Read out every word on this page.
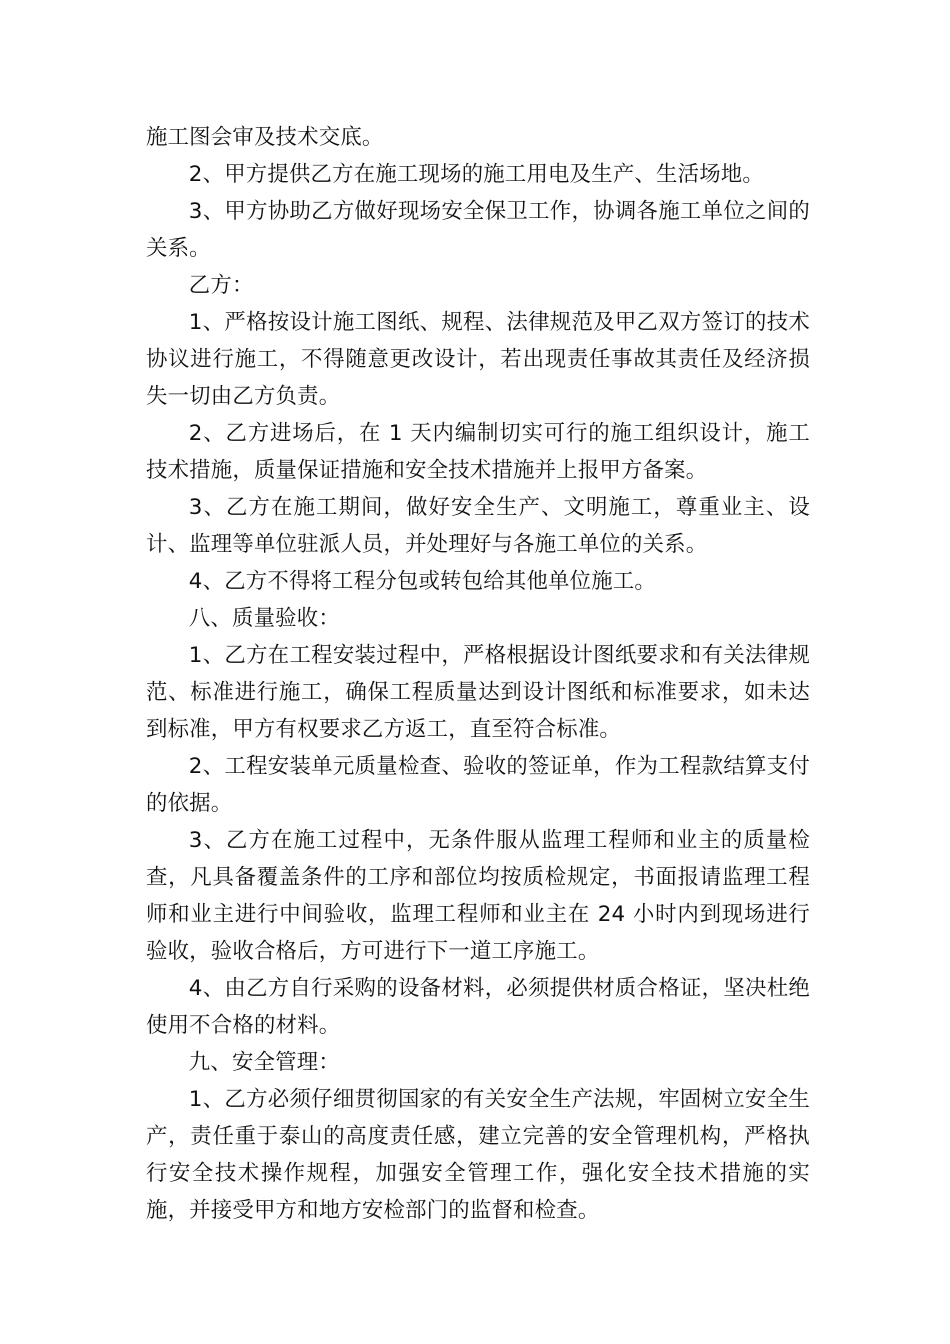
施工图会审及技术交底。

2、甲方提供乙方在施工现场的施工用电及生产、生活场地。

3、甲方协助乙方做好现场安全保卫工作，协调各施工单位之间的关系。

乙方：

1、严格按设计施工图纸、规程、法律规范及甲乙双方签订的技术协议进行施工，不得随意更改设计，若出现责任事故其责任及经济损失一切由乙方负责。

2、乙方进场后，在 1 天内编制切实可行的施工组织设计，施工技术措施，质量保证措施和安全技术措施并上报甲方备案。

3、乙方在施工期间，做好安全生产、文明施工，尊重业主、设计、监理等单位驻派人员，并处理好与各施工单位的关系。

4、乙方不得将工程分包或转包给其他单位施工。

八、质量验收：

1、乙方在工程安装过程中，严格根据设计图纸要求和有关法律规范、标准进行施工，确保工程质量达到设计图纸和标准要求，如未达到标准，甲方有权要求乙方返工，直至符合标准。

2、工程安装单元质量检查、验收的签证单，作为工程款结算支付的依据。

3、乙方在施工过程中，无条件服从监理工程师和业主的质量检查，凡具备覆盖条件的工序和部位均按质检规定，书面报请监理工程师和业主进行中间验收，监理工程师和业主在 24 小时内到现场进行验收，验收合格后，方可进行下一道工序施工。

4、由乙方自行采购的设备材料，必须提供材质合格证，坚决杜绝使用不合格的材料。

九、安全管理：

1、乙方必须仔细贯彻国家的有关安全生产法规，牢固树立安全生产，责任重于泰山的高度责任感，建立完善的安全管理机构，严格执行安全技术操作规程，加强安全管理工作，强化安全技术措施的实施，并接受甲方和地方安检部门的监督和检查。
